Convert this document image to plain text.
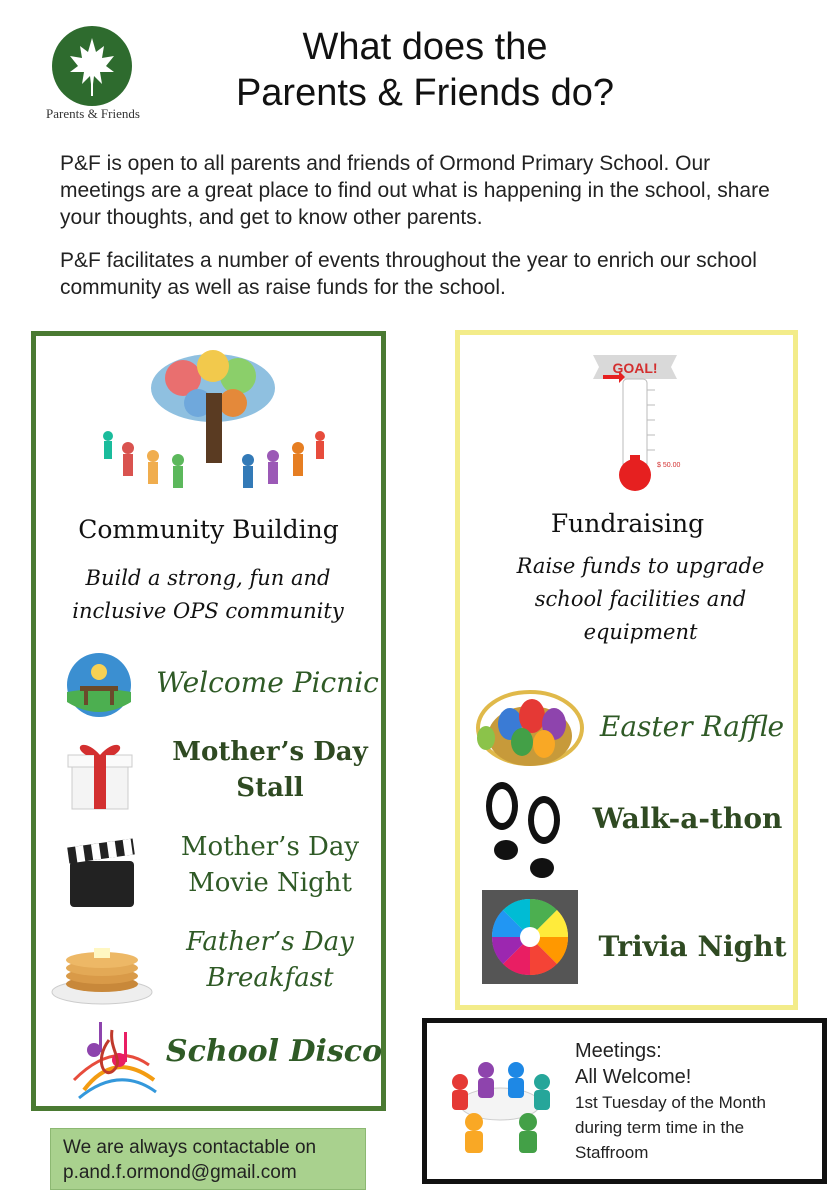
Parents & Friends
What does the
Parents & Friends do?
P&F is open to all parents and friends of Ormond Primary School. Our meetings are a great place to find out what is happening in the school, share your thoughts, and get to know other parents.
P&F facilitates a number of events throughout the year to enrich our school community as well as raise funds for the school.
Community Building
Build a strong, fun and inclusive OPS community
Welcome Picnic
Mother’s Day Stall
Mother’s Day Movie Night
Father’s Day Breakfast
School Disco
GOAL!
$ 50.00
Fundraising
Raise funds to upgrade school facilities and equipment
Easter Raffle
Walk-a-thon
Trivia Night
Meetings:
All Welcome!
1st Tuesday of the Month
during term time in the
Staffroom
We are always contactable on
p.and.f.ormond@gmail.com
